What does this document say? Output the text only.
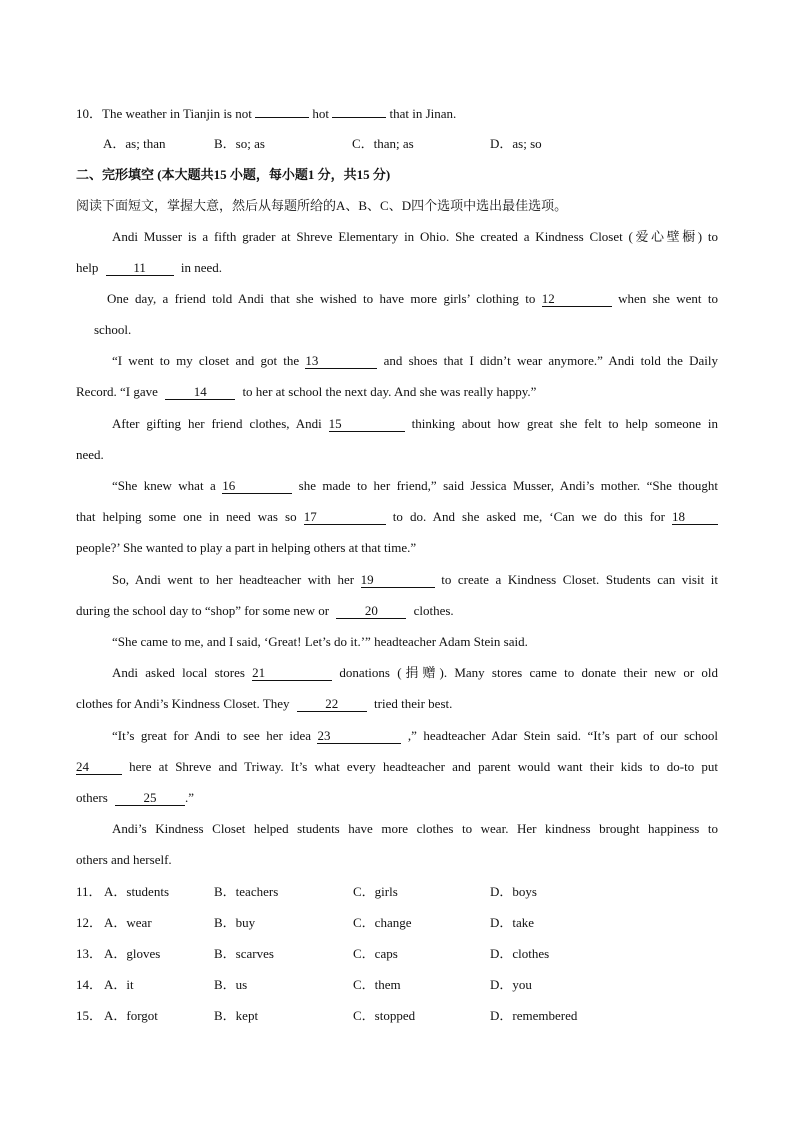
10．The weather in Tianjin is not	hot	that in Jinan.
A．as; than	B．so; as	C．than; as	D．as; so
二、完形填空 (本大题共15 小题，每小题1 分，共15 分)
阅读下面短文，掌握大意，然后从每题所给的A、B、C、D四个选项中选出最佳选项。
Andi Musser is a fifth grader at Shreve Elementary in Ohio. She created a Kindness Closet (爱心壁橱) to
help	11	in need.
One day, a friend told Andi that she wished to have more girls’ clothing to 12	when she went to
school.
“I went to my closet and got the 13	and shoes that I didn’t wear anymore.” Andi told the Daily
Record. “I gave	14	to her at school the next day. And she was really happy.”
After gifting her friend clothes, Andi 15	thinking about how great she felt to help someone in
need.
“She knew what a 16	she made to her friend,” said Jessica Musser, Andi’s mother. “She thought
that helping some one in need was so 17	to do. And she asked me, ‘Can we do this for 18
people?’ She wanted to play a part in helping others at that time.”
So, Andi went to her headteacher with her 19	to create a Kindness Closet. Students can visit it
during the school day to “shop” for some new or	20	clothes.
“She came to me, and I said, ‘Great! Let’s do it.’” headteacher Adam Stein said.
Andi asked local stores 21	donations (捐赠). Many stores came to donate their new or old
clothes for Andi’s Kindness Closet. They	22	tried their best.
“It’s great for Andi to see her idea 23	,” headteacher Adar Stein said. “It’s part of our school
24	here at Shreve and Triway. It’s what every headteacher and parent would want their kids to do-to put
others	25 .”
Andi’s Kindness Closet helped students have more clothes to wear. Her kindness brought happiness to
others and herself.
11． A．students	B．teachers	C．girls	D．boys
12． A．wear	B．buy	C．change	D．take
13． A．gloves	B．scarves	C．caps	D．clothes
14． A．it	B．us	C．them	D．you
15． A．forgot	B．kept	C．stopped	D．remembered
